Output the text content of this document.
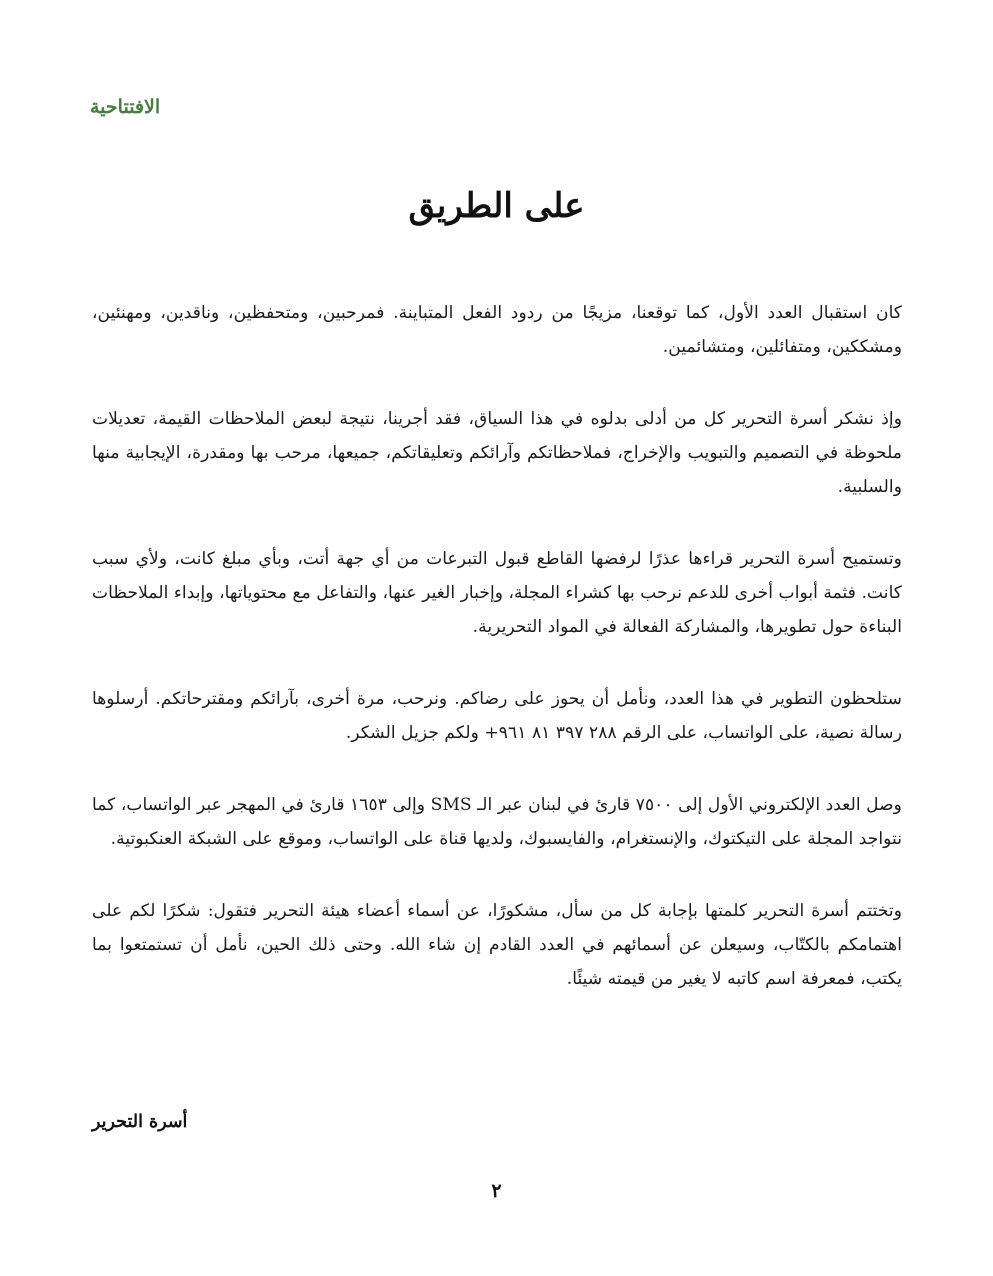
الافتتاحية
على الطريق

كان استقبال العدد الأول، كما توقعنا، مزيجًا من ردود الفعل المتباينة. فمرحبين، ومتحفظين، وناقدين، ومهنئين، ومشككين، ومتفائلين، ومتشائمين.

وإذ نشكر أسرة التحرير كل من أدلى بدلوه في هذا السياق، فقد أجرينا، نتيجة لبعض الملاحظات القيمة، تعديلات ملحوظة في التصميم والتبويب والإخراج، فملاحظاتكم وآرائكم وتعليقاتكم، جميعها، مرحب بها ومقدرة، الإيجابية منها والسلبية.

وتستميح أسرة التحرير قراءها عذرًا لرفضها القاطع قبول التبرعات من أي جهة أتت، وبأي مبلغ كانت، ولأي سبب كانت. فثمة أبواب أخرى للدعم نرحب بها كشراء المجلة، وإخبار الغير عنها، والتفاعل مع محتوياتها، وإبداء الملاحظات البناءة حول تطويرها، والمشاركة الفعالة في المواد التحريرية.

ستلحظون التطوير في هذا العدد، ونأمل أن يحوز على رضاكم. ونرحب، مرة أخرى، بآرائكم ومقترحاتكم. أرسلوها رسالة نصية، على الواتساب، على الرقم ٢٨٨ ٣٩٧ ٨١ ٩٦١+ ولكم جزيل الشكر.

وصل العدد الإلكتروني الأول إلى ٧٥٠٠ قارئ في لبنان عبر الـ SMS وإلى ١٦٥٣ قارئ في المهجر عبر الواتساب، كما نتواجد المجلة على التيكتوك، والإنستغرام، والفايسبوك، ولديها قناة على الواتساب، وموقع على الشبكة العنكبوتية.

وتختتم أسرة التحرير كلمتها بإجابة كل من سأل، مشكورًا، عن أسماء أعضاء هيئة التحرير فتقول: شكرًا لكم على اهتمامكم بالكتّاب، وسيعلن عن أسمائهم في العدد القادم إن شاء الله. وحتى ذلك الحين، نأمل أن تستمتعوا بما يكتب، فمعرفة اسم كاتبه لا يغير من قيمته شيئًا.

أسرة التحرير
٢
